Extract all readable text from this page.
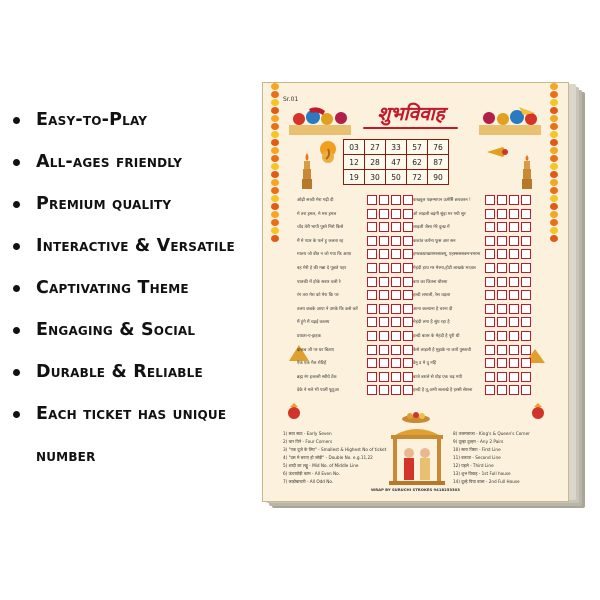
Easy-to-Play
All-ages friendly
Premium quality
Interactive & Versatile
Captivating Theme
Engaging & Social
Durable & Reliable
Each ticket has unique
number
Sr.01
शुभविवाह
03	27	33	57	76
12	28	47	62	87
19	30	50	72	90
ओढ़ी सच्ची मेरा गढ़ी दी
मे तरा इ़मल, मे मरा इ़मल
चाँद तेरी भापी पुस्ते निरो किसे
मैं मे प्यार के फर्न हू जलता रह
मालय जो बीत न जो गया कि आया
वह मेरी हे की मन्ना दे पूछते पहर
पालकी में होके सवार चली रे
रंग तरा मेरा को मेरा कि पर
तलय कबके आपा ने उमके कि कसे करें
मैं हुंगे मैं चढ़ई कालय
प्रयाता-ए-इ़ाहक
ढ़ाक़ब जी पर घर बिताए
ऐक एक गैल रोटिहें
ब्रह्म रंग इजल्ती स्वीधे टेंक
देके ने मले भी पालीं फूटुआ
वाखवुल पक्षन्मापन ऊमेसैि छपकरन !
ओ लाड़ली बढ़ंगी सुंड़़ा मर गयी सुर
लाड़ली जैसा मेरे दुःख में
ककांत कर्पना फूस आर सन
हमऱकग्राखरामरसाक्मू, एहस्सससक्मऱ्ऱमरना
मेहंदी हाथ मर मेरमा,होटी लाखके भाज़ल
बाप का जितना घौरसा
हल्दी लगाली, रेस चड़ला
आना कल्याना है चरना दी
मेहंदी लगा है सुंघ रहा है
हल्दी बातर के मेहंदी है पूरी थी
कैसे लाड़ली है मुझके ना जायें पुस्ताची
डैनू द मे दु नहिं
बाजे बराले से घोड़ एक चढ़ गयी
हल्दी है तू,अभी सलाखे है हरसी सेशना
1) सात साठ - Early Seven
2) चार पिने - Four Corners
3) "एक दूजे के लिए" - Smallest & Highest No of ticket
4) "दस मे बनाए हो जोड़ी" - Double No. e.g.11,22
5) शादी का लड्डू - Mid No. of Middle Line
6) ऊंचायोड़ी काम - All Even No.
7) लाड़ोबाराती - All Odd No.
8) तजमाराजा - King's & Queen's Corner
9) दूल्हा दुल्हन - Any 2 Pairs
10) सारा पिस्टा - First Line
11) बाराता - Second Line
12) पहले - Third Line
13) शुभ विवाह - 1st Full house
14) दूल्हे पिया वाला - 2nd Full House
WRAP BY SURUCHI STROKES 9418253303
